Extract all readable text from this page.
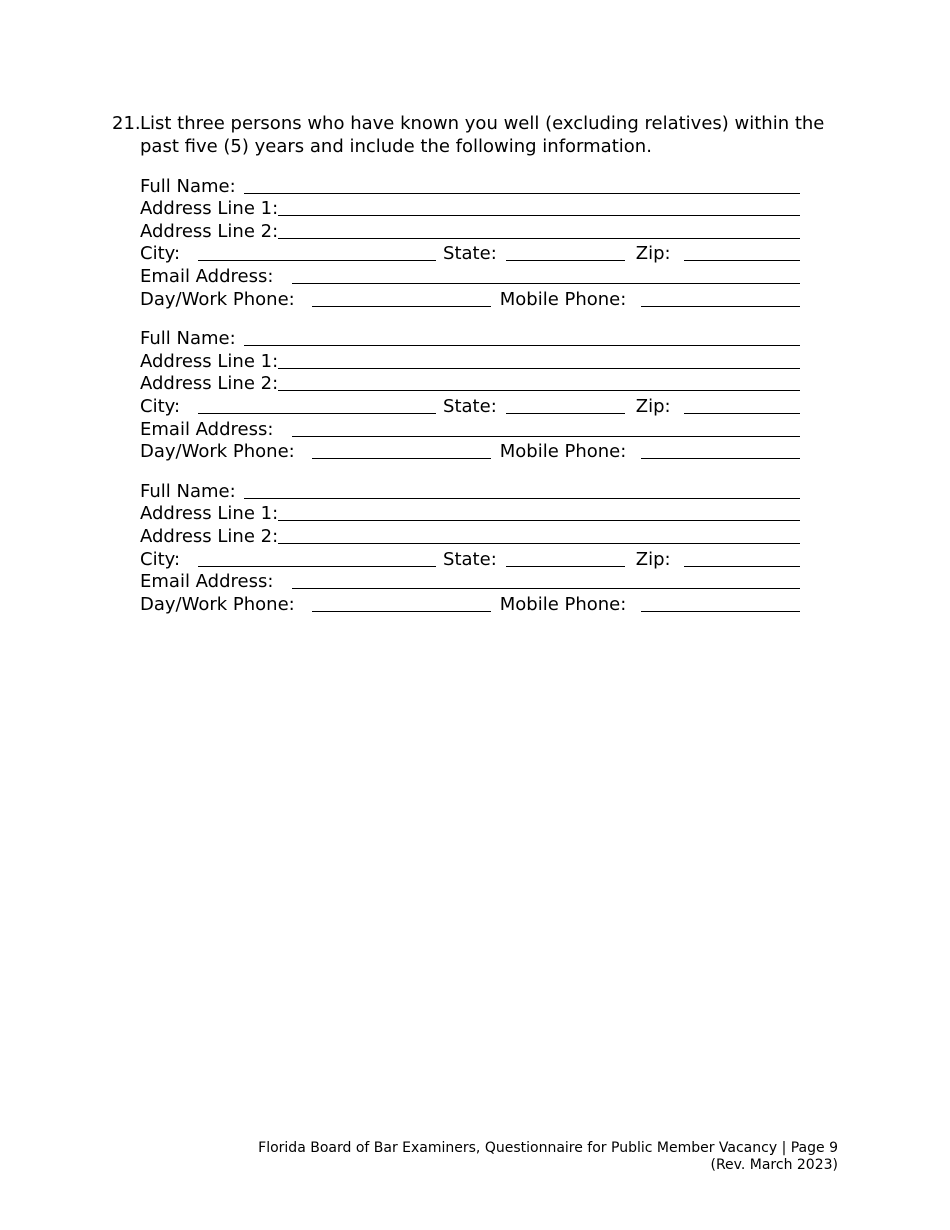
21. List three persons who have known you well (excluding relatives) within the past five (5) years and include the following information.
Full Name:
Address Line 1:
Address Line 2:
City:	State:	Zip:
Email Address:
Day/Work Phone:	Mobile Phone:
Full Name:
Address Line 1:
Address Line 2:
City:	State:	Zip:
Email Address:
Day/Work Phone:	Mobile Phone:
Full Name:
Address Line 1:
Address Line 2:
City:	State:	Zip:
Email Address:
Day/Work Phone:	Mobile Phone:
Florida Board of Bar Examiners, Questionnaire for Public Member Vacancy | Page 9
(Rev. March 2023)
